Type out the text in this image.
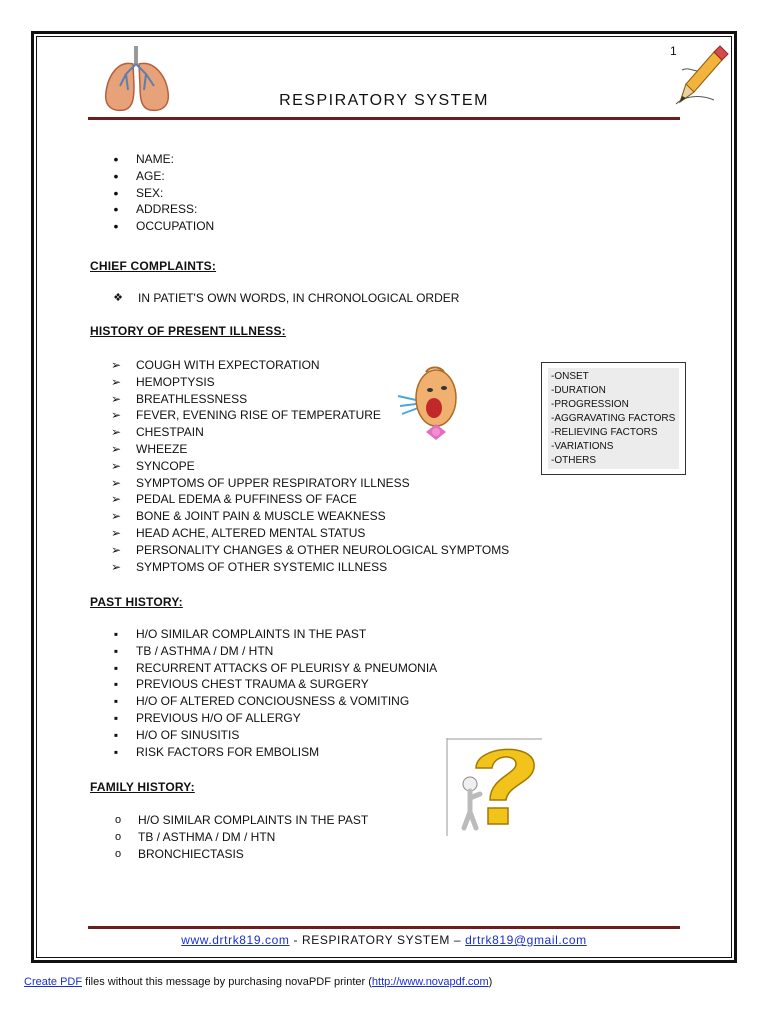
1
RESPIRATORY SYSTEM
•
NAME:
•
AGE:
•
SEX:
•
ADDRESS:
•
OCCUPATION
CHIEF COMPLAINTS:
❖
IN PATIET'S OWN WORDS, IN CHRONOLOGICAL ORDER
HISTORY OF PRESENT ILLNESS:
➢
COUGH WITH EXPECTORATION
➢
HEMOPTYSIS
➢
BREATHLESSNESS
➢
FEVER, EVENING RISE OF TEMPERATURE
➢
CHESTPAIN
➢
WHEEZE
➢
SYNCOPE
➢
SYMPTOMS OF UPPER RESPIRATORY ILLNESS
➢
PEDAL EDEMA & PUFFINESS OF FACE
➢
BONE & JOINT PAIN & MUSCLE WEAKNESS
➢
HEAD ACHE, ALTERED MENTAL STATUS
➢
PERSONALITY CHANGES & OTHER NEUROLOGICAL SYMPTOMS
➢
SYMPTOMS OF OTHER SYSTEMIC ILLNESS
-ONSET
-DURATION
-PROGRESSION
-AGGRAVATING FACTORS
-RELIEVING FACTORS
-VARIATIONS
-OTHERS
PAST HISTORY:
▪
H/O SIMILAR COMPLAINTS IN THE PAST
▪
TB / ASTHMA / DM / HTN
▪
RECURRENT ATTACKS OF PLEURISY & PNEUMONIA
▪
PREVIOUS CHEST TRAUMA & SURGERY
▪
H/O OF ALTERED CONCIOUSNESS & VOMITING
▪
PREVIOUS H/O OF ALLERGY
▪
H/O OF SINUSITIS
▪
RISK FACTORS FOR EMBOLISM
FAMILY HISTORY:
o
H/O SIMILAR COMPLAINTS IN THE PAST
o
TB / ASTHMA / DM / HTN
o
BRONCHIECTASIS
www.drtrk819.com - RESPIRATORY SYSTEM – drtrk819@gmail.com
Create PDF files without this message by purchasing novaPDF printer (http://www.novapdf.com)
